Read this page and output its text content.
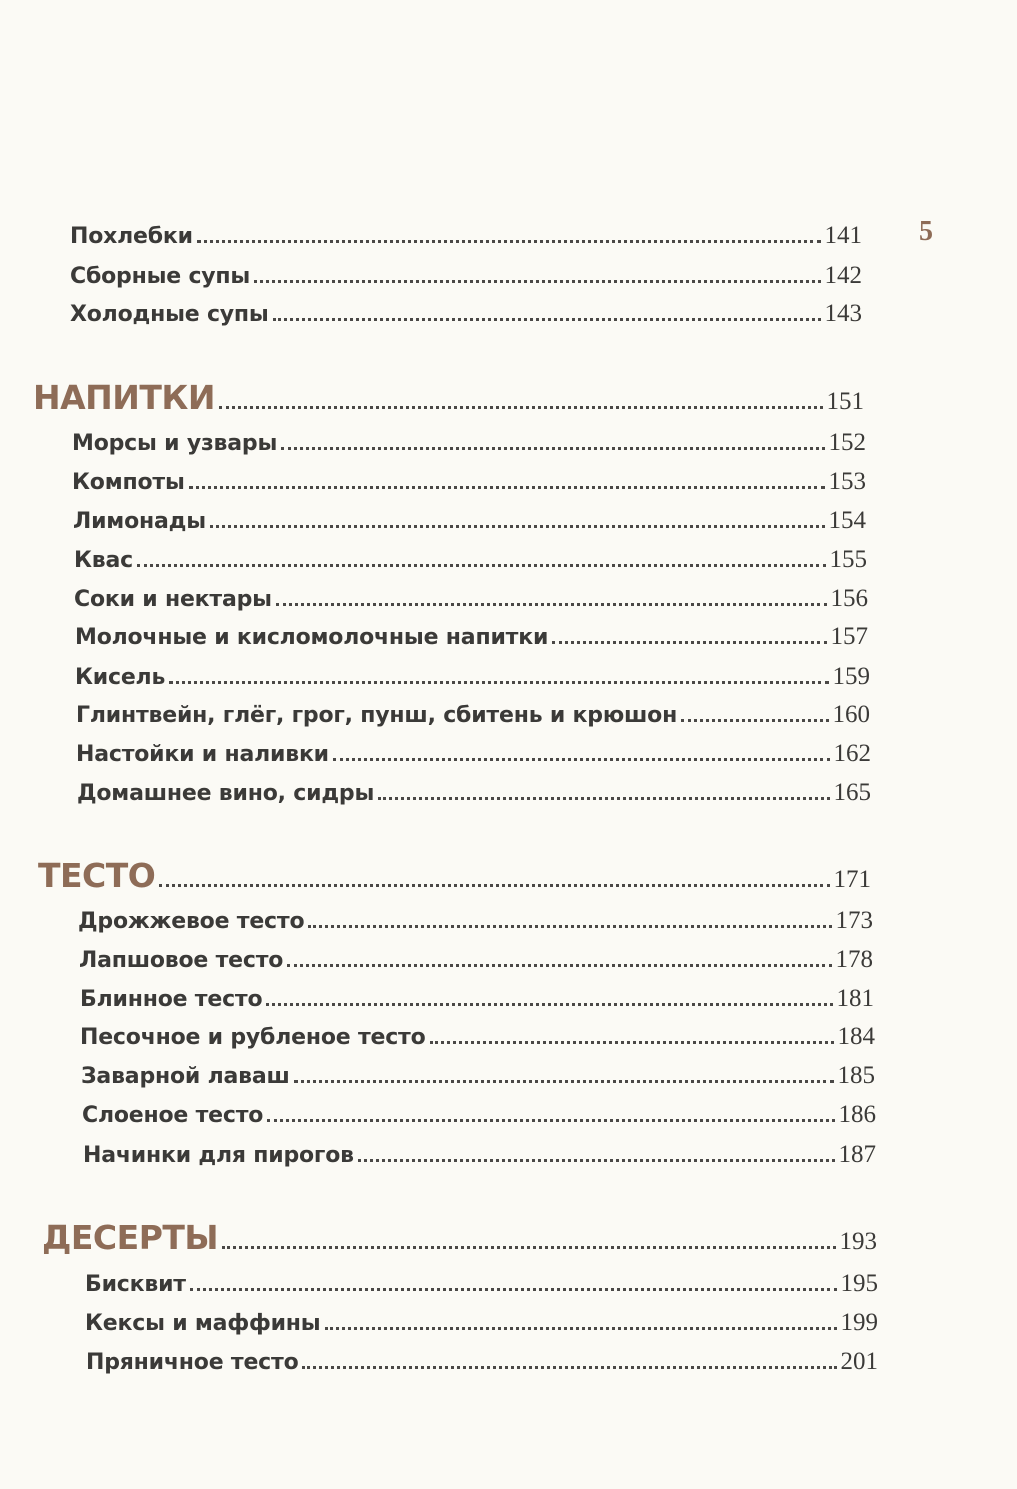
5
Похлебки	141
Сборные супы	142
Холодные супы	143
НАПИТКИ	151
Морсы и узвары	152
Компоты	153
Лимонады	154
Квас	155
Соки и нектары	156
Молочные и кисломолочные напитки	157
Кисель	159
Глинтвейн, глёг, грог, пунш, сбитень и крюшон	160
Настойки и наливки	162
Домашнее вино, сидры	165
ТЕСТО	171
Дрожжевое тесто	173
Лапшовое тесто	178
Блинное тесто	181
Песочное и рубленое тесто	184
Заварной лаваш	185
Слоеное тесто	186
Начинки для пирогов	187
ДЕСЕРТЫ	193
Бисквит	195
Кексы и маффины	199
Пряничное тесто	201
